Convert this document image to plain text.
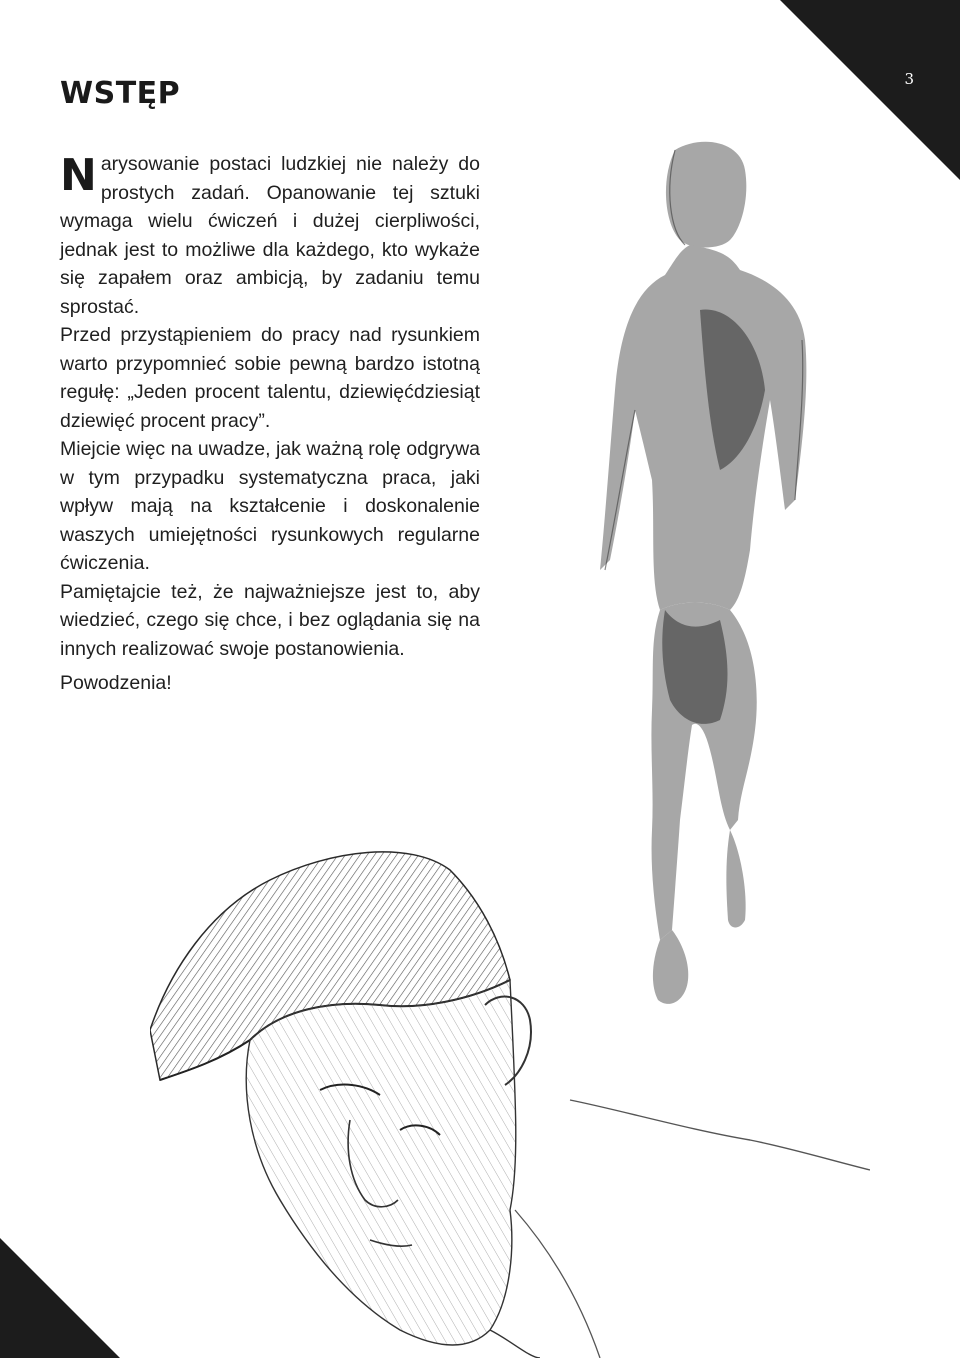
3
WSTĘP

Narysowanie postaci ludzkiej nie należy do prostych zadań. Opanowanie tej sztuki wymaga wielu ćwiczeń i dużej cierpliwości, jednak jest to możliwe dla każdego, kto wykaże się zapałem oraz ambicją, by zadaniu temu sprostać.

Przed przystąpieniem do pracy nad rysunkiem warto przypomnieć sobie pewną bardzo istotną regułę: „Jeden procent talentu, dziewięćdziesiąt dziewięć procent pracy”.

Miejcie więc na uwadze, jak ważną rolę odgrywa w tym przypadku systematyczna praca, jaki wpływ mają na kształcenie i doskonalenie waszych umiejętności rysunkowych regularne ćwiczenia.

Pamiętajcie też, że najważniejsze jest to, aby wiedzieć, czego się chce, i bez oglądania się na innych realizować swoje postanowienia.

Powodzenia!
